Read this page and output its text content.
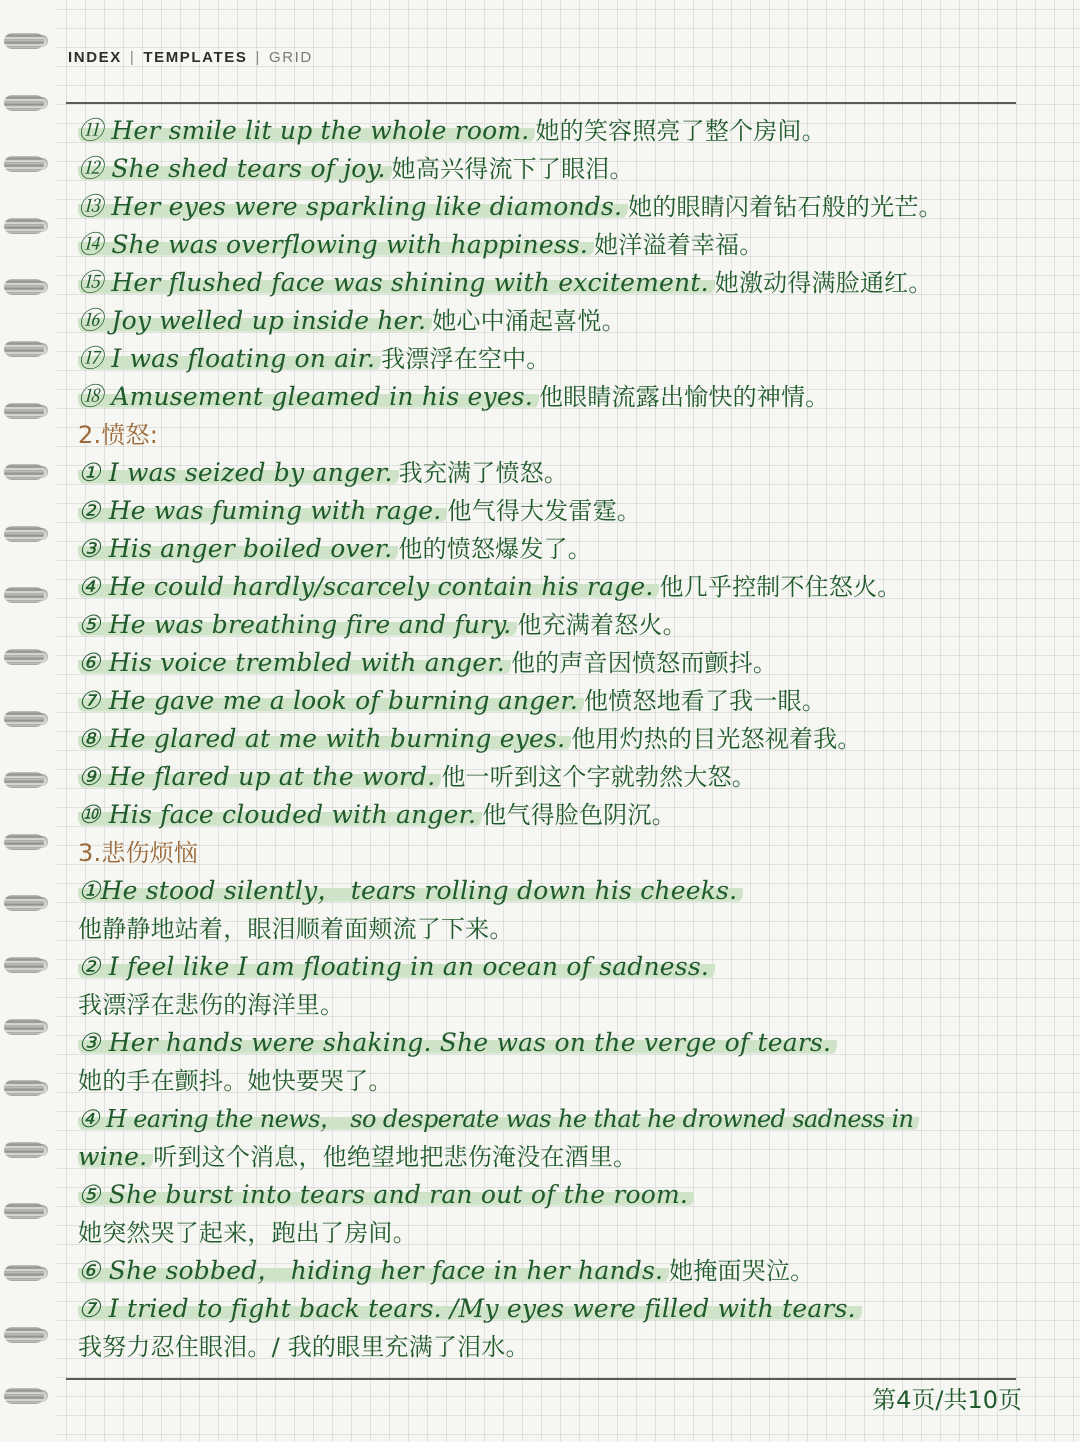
INDEX | TEMPLATES | GRID
⑪ Her smile lit up the whole room. 她的笑容照亮了整个房间。
⑫ She shed tears of joy. 她高兴得流下了眼泪。
⑬ Her eyes were sparkling like diamonds. 她的眼睛闪着钻石般的光芒。
⑭ She was overflowing with happiness. 她洋溢着幸福。
⑮ Her flushed face was shining with excitement. 她激动得满脸通红。
⑯ Joy welled up inside her. 她心中涌起喜悦。
⑰ I was floating on air. 我漂浮在空中。
⑱ Amusement gleamed in his eyes. 他眼睛流露出愉快的神情。
2.愤怒:
① I was seized by anger. 我充满了愤怒。
② He was fuming with rage. 他气得大发雷霆。
③ His anger boiled over. 他的愤怒爆发了。
④ He could hardly/scarcely contain his rage. 他几乎控制不住怒火。
⑤ He was breathing fire and fury. 他充满着怒火。
⑥ His voice trembled with anger. 他的声音因愤怒而颤抖。
⑦ He gave me a look of burning anger. 他愤怒地看了我一眼。
⑧ He glared at me with burning eyes. 他用灼热的目光怒视着我。
⑨ He flared up at the word. 他一听到这个字就勃然大怒。
⑩ His face clouded with anger. 他气得脸色阴沉。
3.悲伤烦恼
①He stood silently， tears rolling down his cheeks.
他静静地站着，眼泪顺着面颊流了下来。
② I feel like I am floating in an ocean of sadness.
我漂浮在悲伤的海洋里。
③ Her hands were shaking. She was on the verge of tears.
她的手在颤抖。她快要哭了。
④ H earing the news， so desperate was he that he drowned sadness in
wine. 听到这个消息，他绝望地把悲伤淹没在酒里。
⑤ She burst into tears and ran out of the room.
她突然哭了起来，跑出了房间。
⑥ She sobbed， hiding her face in her hands. 她掩面哭泣。
⑦ I tried to fight back tears. /My eyes were filled with tears.
我努力忍住眼泪。/ 我的眼里充满了泪水。
第4页/共10页
